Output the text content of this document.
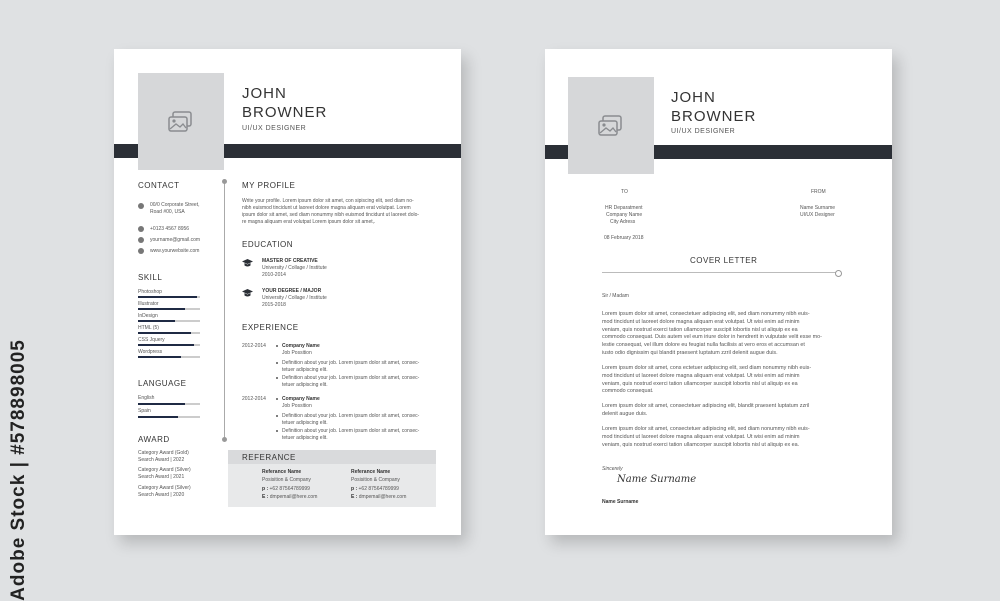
Adobe Stock | #578898005
JOHN
BROWNER
UI/UX DESIGNER
CONTACT
00/0 Corporate Street,
Road #00, USA
+0123 4567 8956
yourname@gmail.com
www.yourwebsite.com
SKILL
Photoshop
Illustrator
InDesign
HTML (5)
CSS Jquery
Wordpress
LANGUAGE
English
Spain
AWARD
Category Award (Gold)
Search Award | 2022
Category Award (Silver)
Search Award | 2021
Category Award (Silver)
Search Award | 2020
MY PROFILE
Write your profile. Lorem ipsum dolor sit amet, con sipiscing elit, sed diam no-
nibh euismod tincidunt ut laoreet dolore magna aliquam erat volutpat. Lorem
ipsum dolor sit amet, sed diam nonummy nibh euismod tincidunt ut laoreet dolo-
re magna aliquam erat volutpat Lorem ipsum dolor sit amet,.
EDUCATION
MASTER OF CREATIVE
University / Collage / Institute
2010-2014
YOUR DEGREE / MAJOR
University / Collage / Institute
2015-2018
EXPERIENCE
2012-2014	Company Name
Job Possition
Definition about your job. Lorem ipsum dolor sit amet, consec-
tetuer adipiscing elit.
Definition about your job. Lorem ipsum dolor sit amet, consec-
tetuer adipiscing elit.
2012-2014	Company Name
Job Possition
Definition about your job. Lorem ipsum dolor sit amet, consec-
tetuer adipiscing elit.
Definition about your job. Lorem ipsum dolor sit amet, consec-
tetuer adipiscing elit.
REFERANCE
Referance Name
Posisition & Company
p : +62 87564789999
E : dmpemail@here.com
Referance Name
Posisition & Company
p : +62 87564789999
E : dmpemail@here.com
JOHN
BROWNER
UI/UX DESIGNER
TO
HR Deparatment
Company Name
City Adress
08 February 2018
FROM
Name Surname
UI/UX Designer
COVER LETTER
Sir / Madam
Lorem ipsum dolor sit amet, consectetuer adipiscing elit, sed diam nonummy nibh euis-
mod tincidunt ut laoreet dolore magna aliquam erat volutpat. Ut wisi enim ad minim
veniam, quis nostrud exerci tation ullamcorper suscipit lobortis nisl ut aliquip ex ea
commodo consequat. Duis autem vel eum iriure dolor in hendrerit in vulputate velit esse mo-
lestie consequat, vel illum dolore eu feugiat nulla facilisis at vero eros et accumsan et
iusto odio dignissim qui blandit praesent luptatum zzril delenit augue duis.
Lorem ipsum dolor sit amet, cons ectetuer adipiscing elit, sed diam nonummy nibh euis-
mod tincidunt ut laoreet dolore magna aliquam erat volutpat. Ut wisi enim ad minim
veniam, quis nostrud exerci tation ullamcorper suscipit lobortis nisl ut aliquip ex ea
commodo consequat.
Lorem ipsum dolor sit amet, consectetuer adipiscing elit, blandit praesent luptatum zzril
delenit augue duis.
Lorem ipsum dolor sit amet, consectetuer adipiscing elit, sed diam nonummy nibh euis-
mod tincidunt ut laoreet dolore magna aliquam erat volutpat. Ut wisi enim ad minim
veniam, quis nostrud exerci tation ullamcorper suscipit lobortis nisl ut aliquip ex ea.
Sincerely
Name Surname
Name Surname
